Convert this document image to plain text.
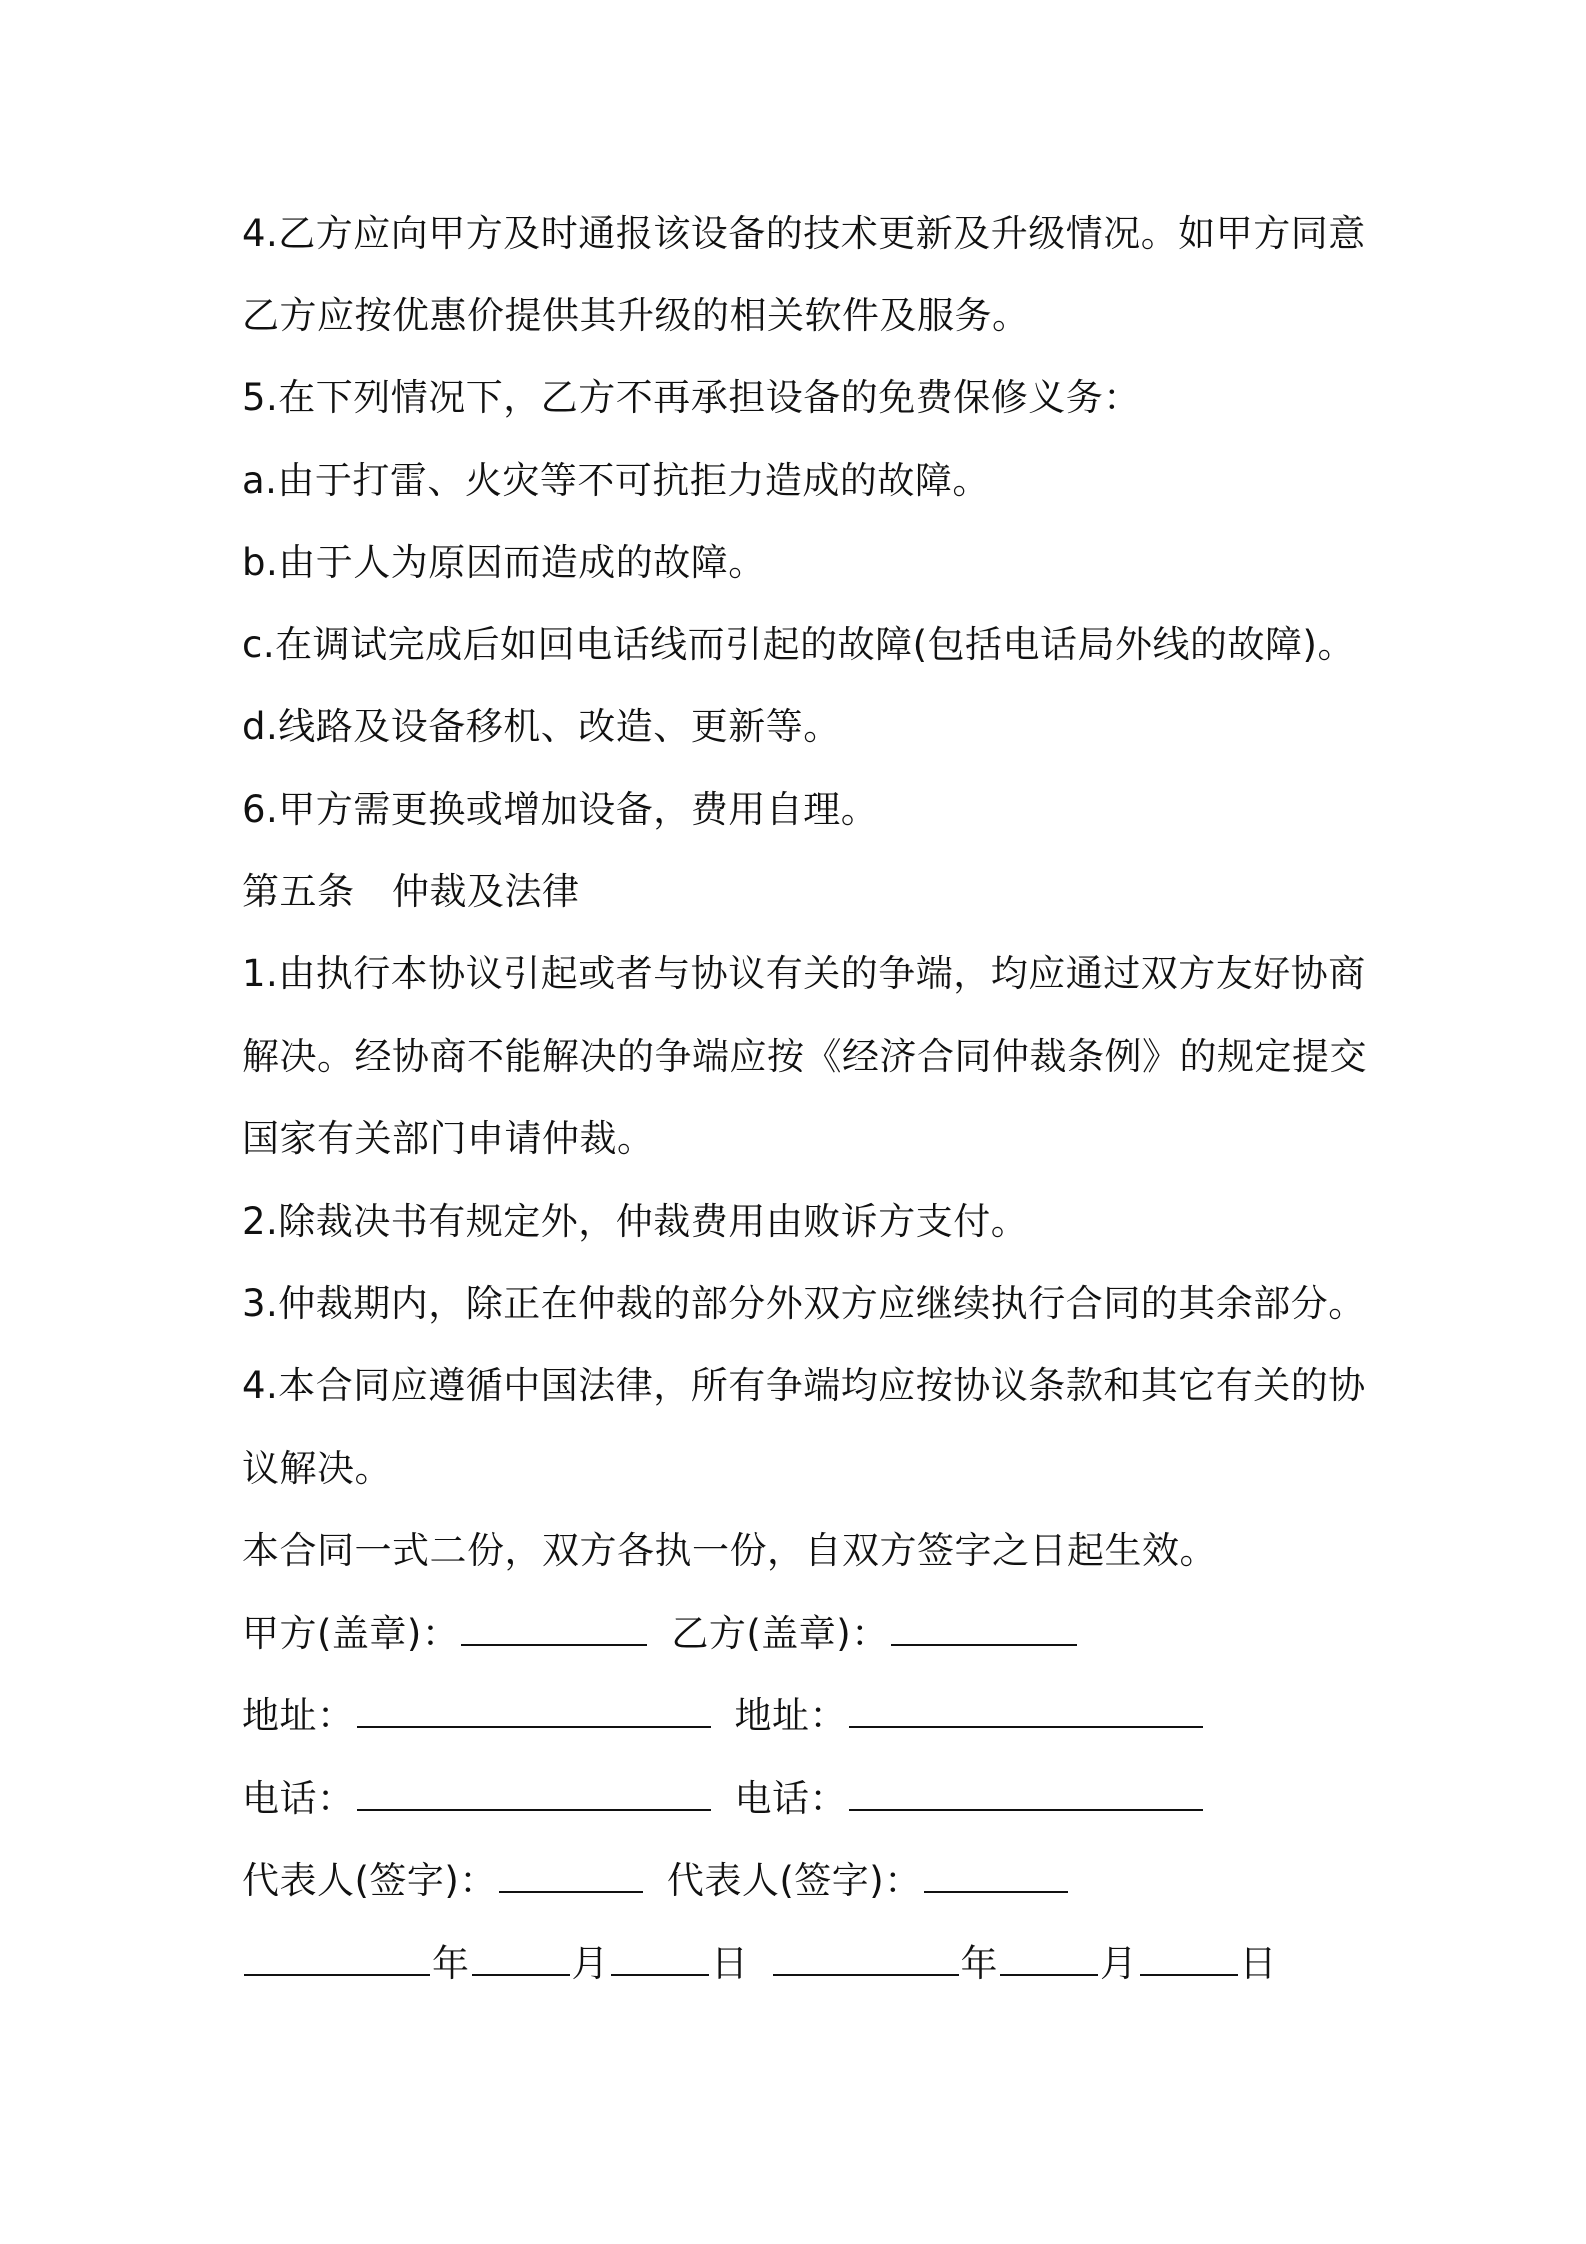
4.乙方应向甲方及时通报该设备的技术更新及升级情况。如甲方同意
乙方应按优惠价提供其升级的相关软件及服务。
5.在下列情况下，乙方不再承担设备的免费保修义务：
a.由于打雷、火灾等不可抗拒力造成的故障。
b.由于人为原因而造成的故障。
c.在调试完成后如回电话线而引起的故障(包括电话局外线的故障)。
d.线路及设备移机、改造、更新等。
6.甲方需更换或增加设备，费用自理。
第五条　仲裁及法律
1.由执行本协议引起或者与协议有关的争端，均应通过双方友好协商
解决。经协商不能解决的争端应按《经济合同仲裁条例》的规定提交
国家有关部门申请仲裁。
2.除裁决书有规定外，仲裁费用由败诉方支付。
3.仲裁期内，除正在仲裁的部分外双方应继续执行合同的其余部分。
4.本合同应遵循中国法律，所有争端均应按协议条款和其它有关的协
议解决。
本合同一式二份，双方各执一份，自双方签字之日起生效。
甲方(盖章)：	乙方(盖章)：
地址：	地址：
电话：	电话：
代表人(签字)：	代表人(签字)：
年	月	日	年	月	日
